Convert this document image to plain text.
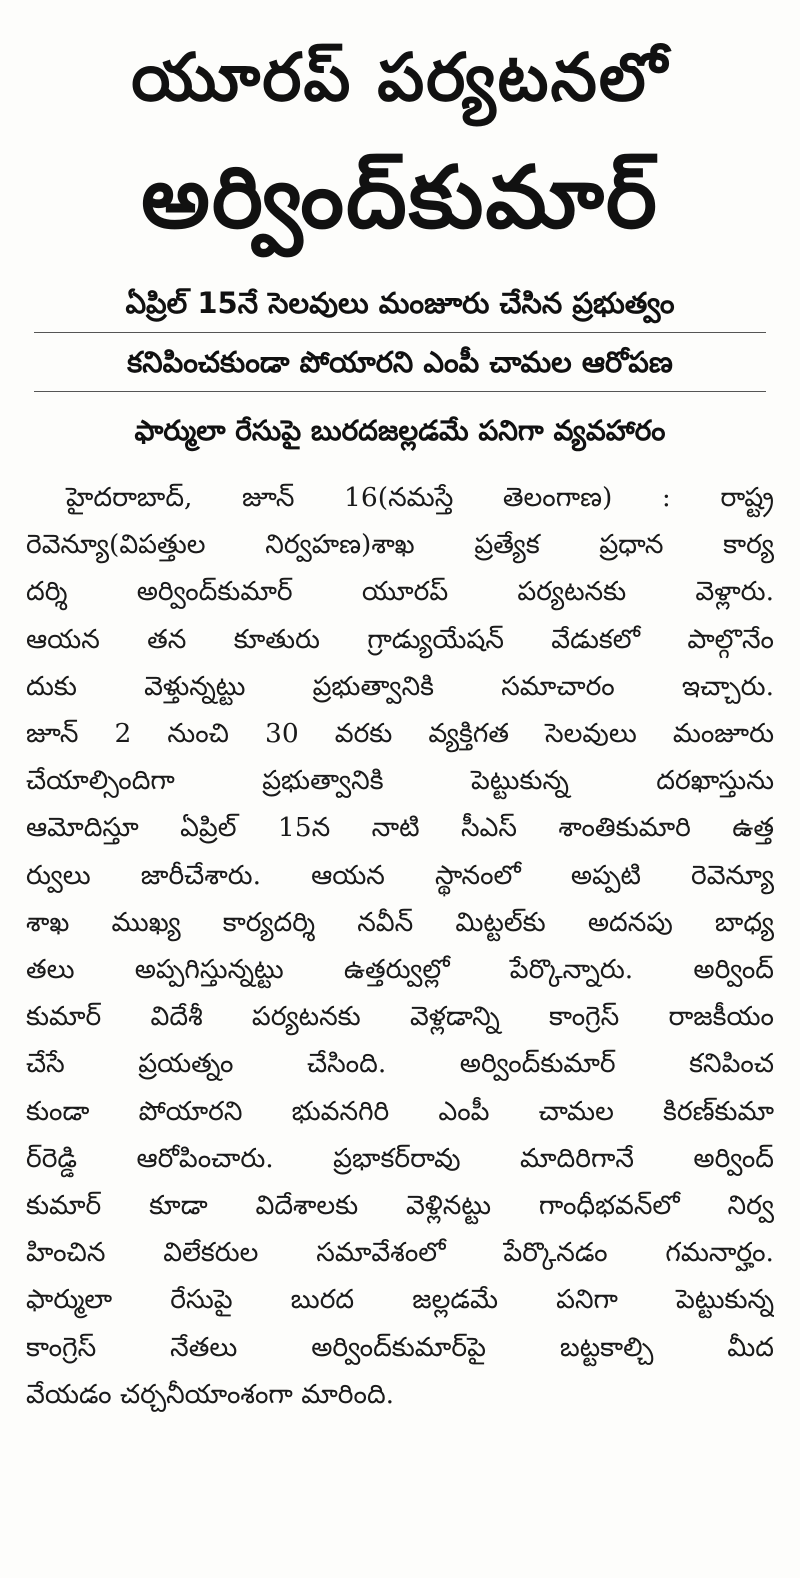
యూరప్ పర్యటనలో
అర్వింద్‌కుమార్
ఏప్రిల్ 15నే సెలవులు మంజూరు చేసిన ప్రభుత్వం
కనిపించకుండా పోయారని ఎంపీ చామల ఆరోపణ
ఫార్ములా రేసుపై బురదజల్లడమే పనిగా వ్యవహారం
హైదరాబాద్, జూన్ 16(నమస్తే తెలంగాణ) : రాష్ట్ర
రెవెన్యూ(విపత్తుల నిర్వహణ)శాఖ ప్రత్యేక ప్రధాన కార్య
దర్శి అర్వింద్‌కుమార్ యూరప్ పర్యటనకు వెళ్లారు.
ఆయన తన కూతురు గ్రాడ్యుయేషన్ వేడుకలో పాల్గొనేం
దుకు వెళ్తున్నట్టు ప్రభుత్వానికి సమాచారం ఇచ్చారు.
జూన్ 2 నుంచి 30 వరకు వ్యక్తిగత సెలవులు మంజూరు
చేయాల్సిందిగా ప్రభుత్వానికి పెట్టుకున్న దరఖాస్తును
ఆమోదిస్తూ ఏప్రిల్ 15న నాటి సీఎస్ శాంతికుమారి ఉత్త
ర్వులు జారీచేశారు. ఆయన స్థానంలో అప్పటి రెవెన్యూ
శాఖ ముఖ్య కార్యదర్శి నవీన్ మిట్టల్‌కు అదనపు బాధ్య
తలు అప్పగిస్తున్నట్టు ఉత్తర్వుల్లో పేర్కొన్నారు. అర్వింద్
కుమార్ విదేశీ పర్యటనకు వెళ్లడాన్ని కాంగ్రెస్ రాజకీయం
చేసే ప్రయత్నం చేసింది. అర్వింద్‌కుమార్ కనిపించ
కుండా పోయారని భువనగిరి ఎంపీ చామల కిరణ్‌కుమా
ర్‌రెడ్డి ఆరోపించారు. ప్రభాకర్‌రావు మాదిరిగానే అర్వింద్
కుమార్ కూడా విదేశాలకు వెళ్లినట్టు గాంధీభవన్‌లో నిర్వ
హించిన విలేకరుల సమావేశంలో పేర్కొనడం గమనార్హం.
ఫార్ములా రేసుపై బురద జల్లడమే పనిగా పెట్టుకున్న
కాంగ్రెస్ నేతలు అర్వింద్‌కుమార్‌పై బట్టకాల్చి మీద
వేయడం చర్చనీయాంశంగా మారింది.
